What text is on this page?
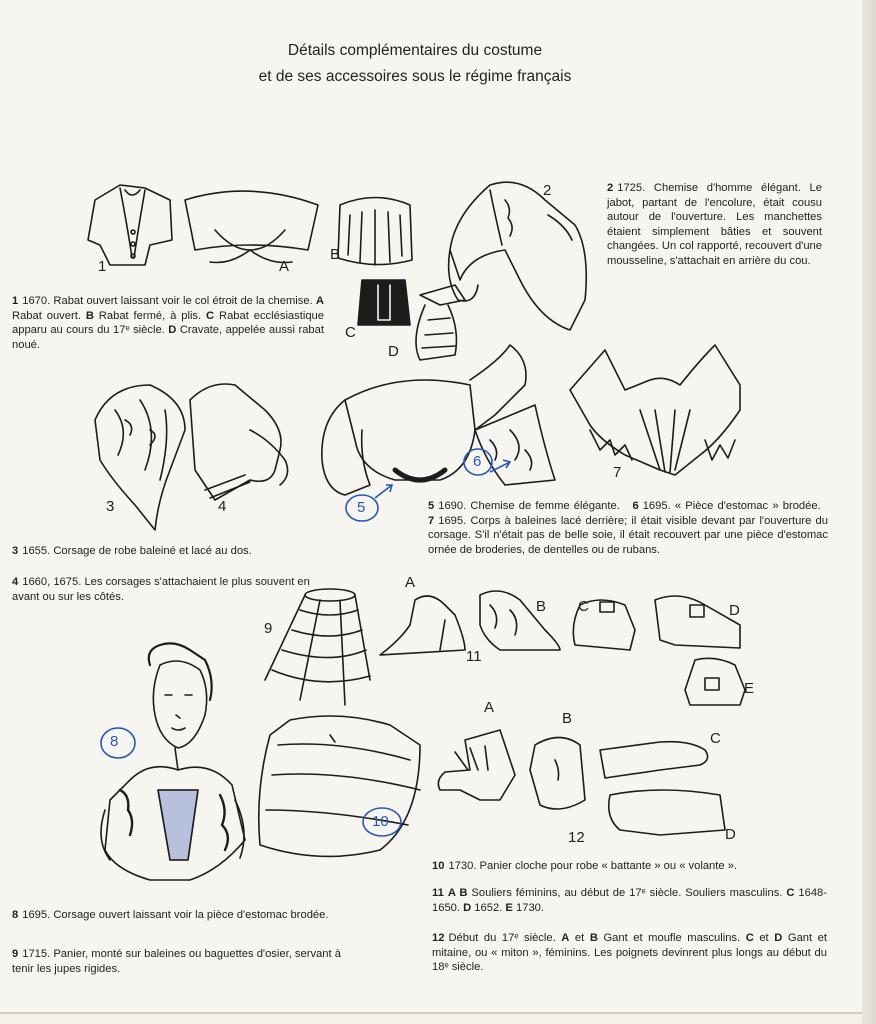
Détails complémentaires du costume
et de ses accessoires sous le régime français
1	A
B
C
D
2
3	4	5
6
7
8
9
10
11
A
B C	D
E
12
A
B
C
D
1 1670. Rabat ouvert laissant voir le col étroit de la chemise. A Rabat ouvert. B Rabat fermé, à plis. C Rabat ecclésiastique apparu au cours du 17ᵉ siècle. D Cravate, appelée aussi rabat noué.
2 1725. Chemise d'homme élégant. Le jabot, partant de l'encolure, était cousu autour de l'ouverture. Les manchettes étaient simplement bâties et souvent changées. Un col rapporté, recouvert d'une mousseline, s'attachait en arrière du cou.
3 1655. Corsage de robe baleiné et lacé au dos.
4 1660, 1675. Les corsages s'attachaient le plus souvent en avant ou sur les côtés.
5 1690. Chemise de femme élégante. 6 1695. « Pièce d'estomac » brodée.   7 1695. Corps à baleines lacé derrière; il était visible devant par l'ouverture du corsage. S'il n'était pas de belle soie, il était recouvert par une pièce d'estomac ornée de broderies, de dentelles ou de rubans.
8 1695. Corsage ouvert laissant voir la pièce d'estomac brodée.
9 1715. Panier, monté sur baleines ou baguettes d'osier, servant à tenir les jupes rigides.
10 1730. Panier cloche pour robe « battante » ou « volante ».
11 A B Souliers féminins, au début de 17ᵉ siècle. Souliers masculins. C 1648-1650. D 1652. E 1730.
12 Début du 17ᵉ siècle. A et B Gant et moufle masculins. C et D Gant et mitaine, ou « miton », féminins. Les poignets devinrent plus longs au début du 18ᵉ siècle.
